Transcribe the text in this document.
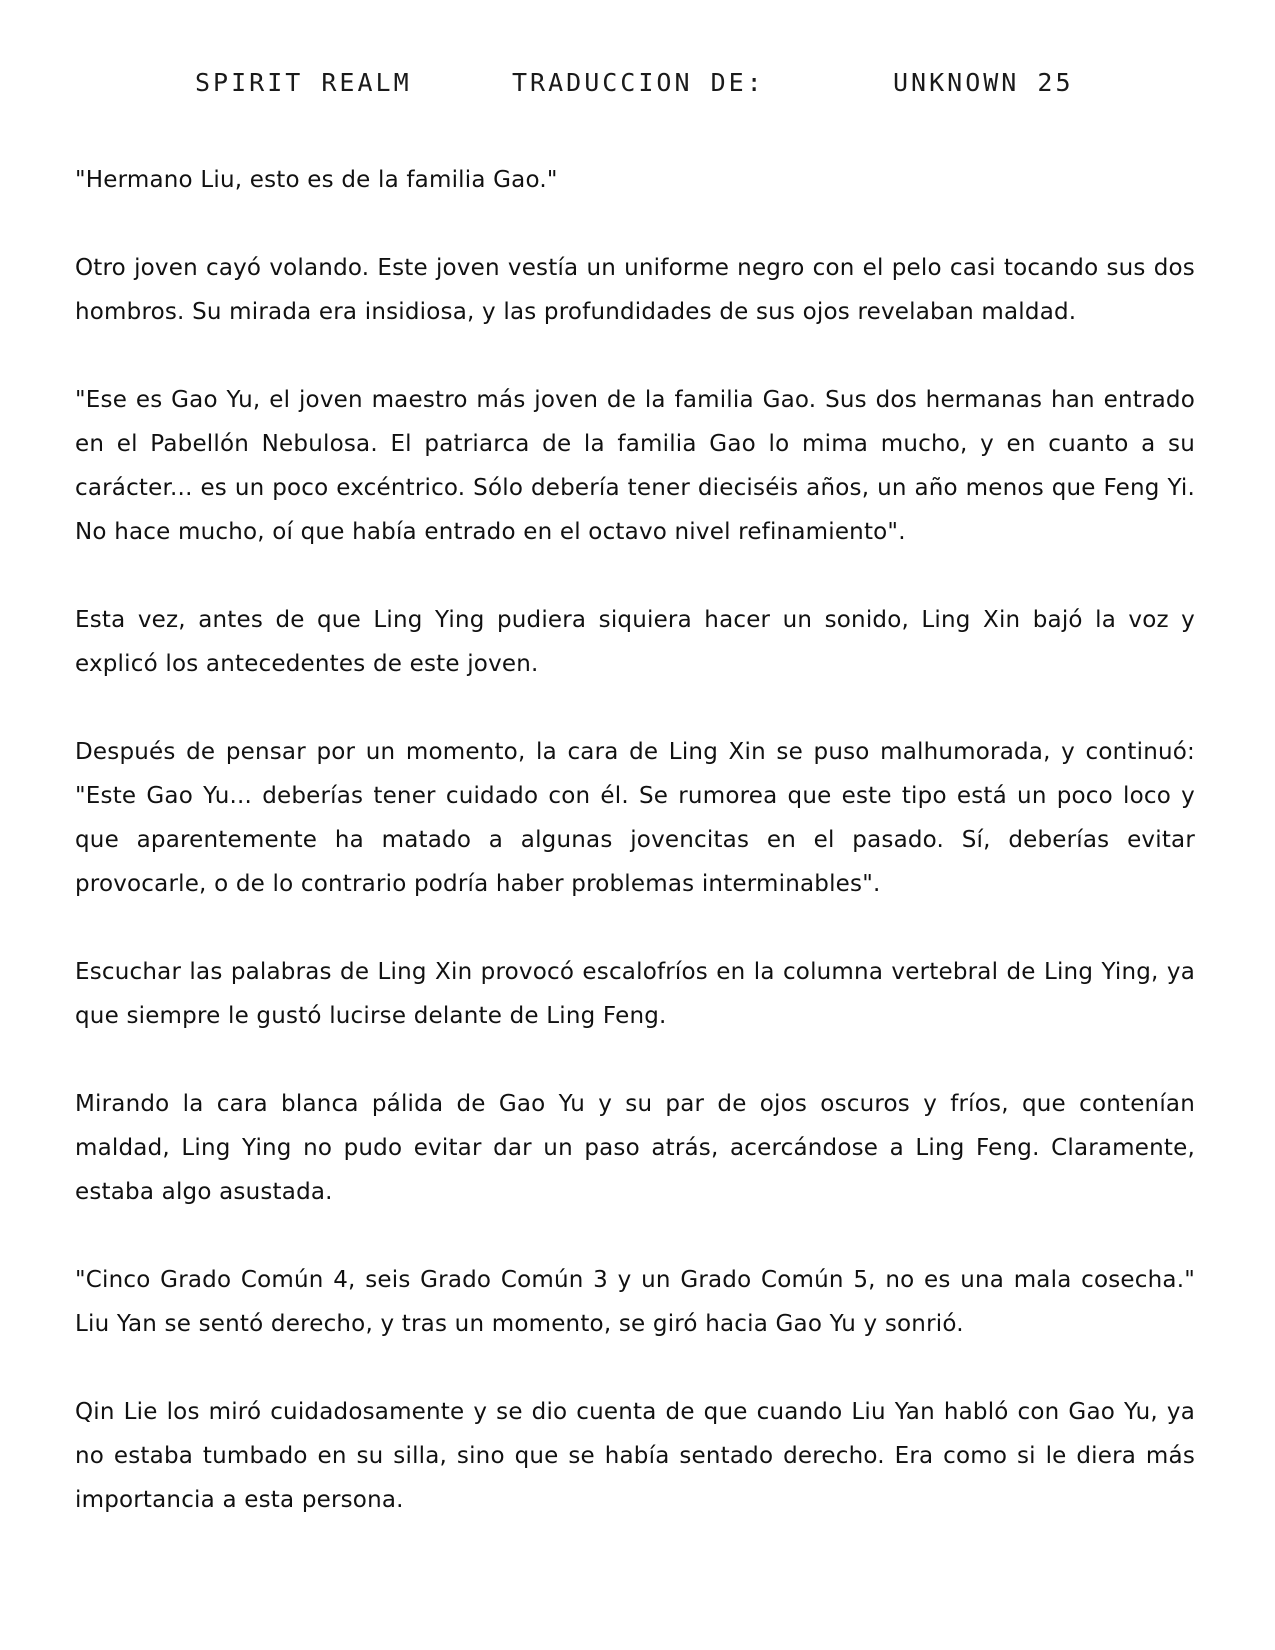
SPIRIT REALM	TRADUCCION DE:	UNKNOWN 25

"Hermano Liu, esto es de la familia Gao."

Otro joven cayó volando. Este joven vestía un uniforme negro con el pelo casi tocando sus dos hombros. Su mirada era insidiosa, y las profundidades de sus ojos revelaban maldad.

"Ese es Gao Yu, el joven maestro más joven de la familia Gao. Sus dos hermanas han entrado en el Pabellón Nebulosa. El patriarca de la familia Gao lo mima mucho, y en cuanto a su carácter... es un poco excéntrico. Sólo debería tener dieciséis años, un año menos que Feng Yi. No hace mucho, oí que había entrado en el octavo nivel refinamiento".

Esta vez, antes de que Ling Ying pudiera siquiera hacer un sonido, Ling Xin bajó la voz y explicó los antecedentes de este joven.

Después de pensar por un momento, la cara de Ling Xin se puso malhumorada, y continuó: "Este Gao Yu... deberías tener cuidado con él. Se rumorea que este tipo está un poco loco y que aparentemente ha matado a algunas jovencitas en el pasado. Sí, deberías evitar provocarle, o de lo contrario podría haber problemas interminables".

Escuchar las palabras de Ling Xin provocó escalofríos en la columna vertebral de Ling Ying, ya que siempre le gustó lucirse delante de Ling Feng.

Mirando la cara blanca pálida de Gao Yu y su par de ojos oscuros y fríos, que contenían maldad, Ling Ying no pudo evitar dar un paso atrás, acercándose a Ling Feng. Claramente, estaba algo asustada.

"Cinco Grado Común 4, seis Grado Común 3 y un Grado Común 5, no es una mala cosecha." Liu Yan se sentó derecho, y tras un momento, se giró hacia Gao Yu y sonrió.

Qin Lie los miró cuidadosamente y se dio cuenta de que cuando Liu Yan habló con Gao Yu, ya no estaba tumbado en su silla, sino que se había sentado derecho. Era como si le diera más importancia a esta persona.
